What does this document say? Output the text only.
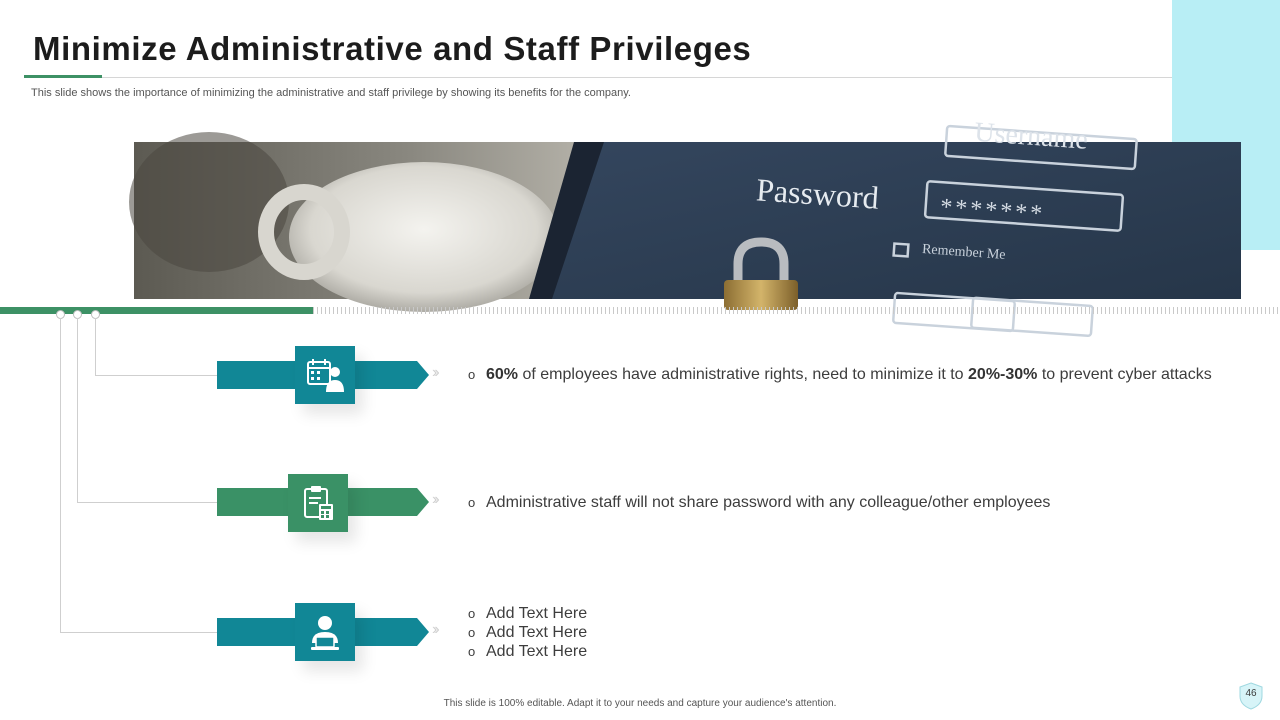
Minimize Administrative and Staff Privileges
This slide shows the importance of minimizing the administrative and staff privilege by showing its benefits for the company.
Username
Password *******
Remember Me
›› o 60% of employees have administrative rights, need to minimize it to 20%-30% to prevent cyber attacks
›› o Administrative staff will not share password with any colleague/other employees
››
o Add Text Here
o Add Text Here
o Add Text Here
This slide is 100% editable. Adapt it to your needs and capture your audience's attention.
46
